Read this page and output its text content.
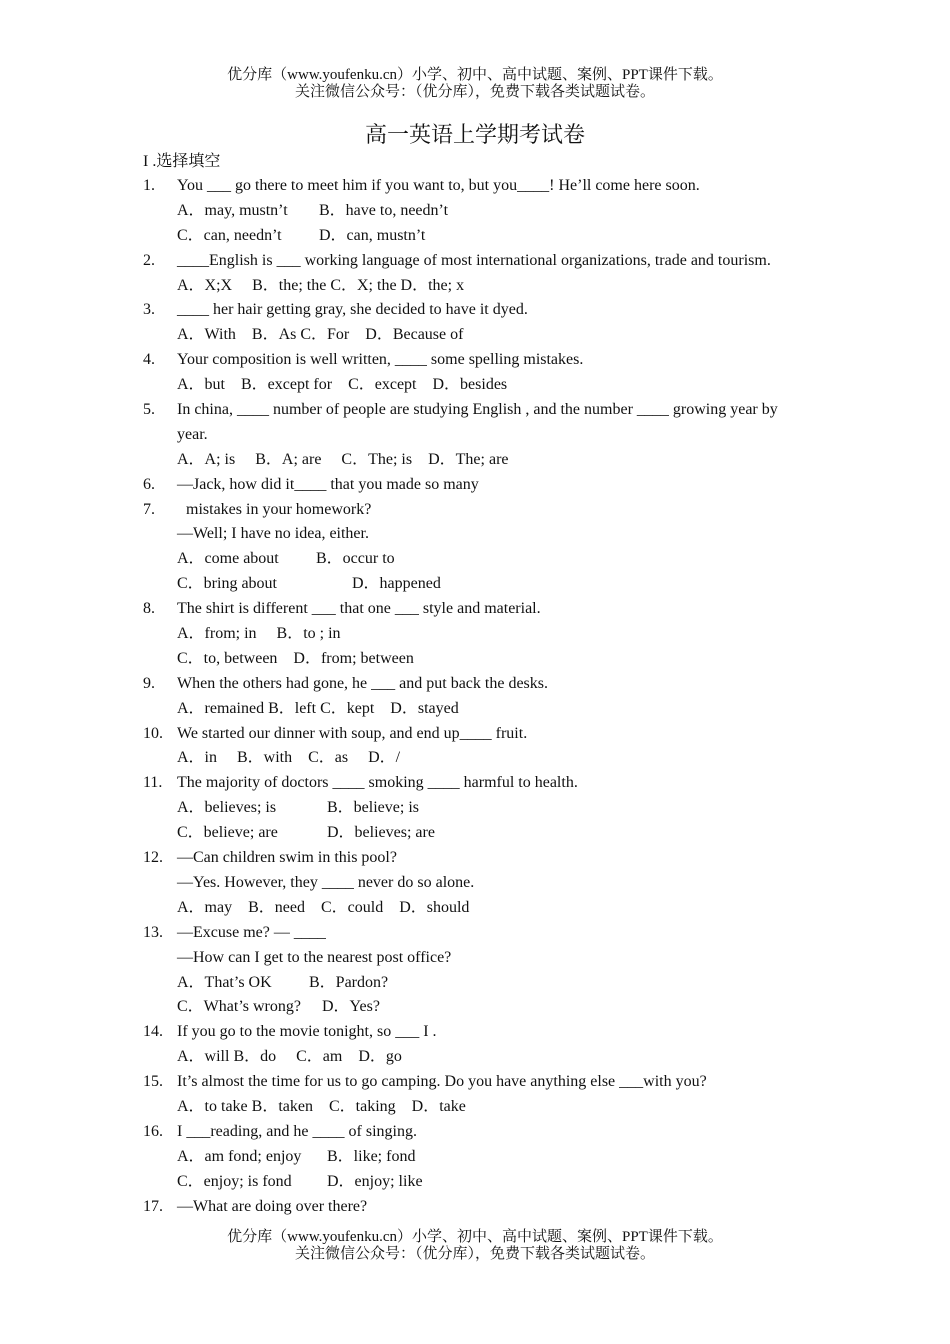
优分库（www.youfenku.cn）小学、初中、高中试题、案例、PPT课件下载。
关注微信公众号：（优分库），免费下载各类试题试卷。
高一英语上学期考试卷
I .选择填空
1. You ___ go there to meet him if you want to, but you____! He’ll come here soon.
A．may, mustn’t B．have to, needn’t
C．can, needn’t D．can, mustn’t
2. ____English is ___ working language of most international organizations, trade and tourism.
A．X;X　 B．the; the C．X; the D．the; x
3. ____ her hair getting gray, she decided to have it dyed.
A．With　B．As C．For　D．Because of
4. Your composition is well written, ____ some spelling mistakes.
A．but　B．except for　C．except　D．besides
5. In china, ____ number of people are studying English , and the number ____ growing year by
year.
A．A; is　 B．A; are　 C．The; is　D．The; are
6. —Jack, how did it____ that you made so many
7. mistakes in your homework?
—Well; I have no idea, either.
A．come about B．occur to
C．bring about	D．happened
8. The shirt is different ___ that one ___ style and material.
A．from; in　 B．to ; in
C．to, between　D．from; between
9. When the others had gone, he ___ and put back the desks.
A．remained B．left C．kept　D．stayed
10. We started our dinner with soup, and end up____ fruit.
A．in　 B．with　C．as　 D．/
11. The majority of doctors ____ smoking ____ harmful to health.
A．believes; is	B．believe; is
C．believe; are	D．believes; are
12. —Can children swim in this pool?
—Yes. However, they ____ never do so alone.
A．may　B．need　C．could　D．should
13. —Excuse me? — ____
—How can I get to the nearest post office?
A．That’s OK B．Pardon?
C．What’s wrong? D．Yes?
14. If you go to the movie tonight, so ___ I .
A．will B．do　 C．am　D．go
15. It’s almost the time for us to go camping. Do you have anything else ___with you?
A．to take B．taken　C．taking　D．take
16. I ___reading, and he ____ of singing.
A．am fond; enjoy B．like; fond
C．enjoy; is fond D．enjoy; like
17. —What are doing over there?
优分库（www.youfenku.cn）小学、初中、高中试题、案例、PPT课件下载。
关注微信公众号：（优分库），免费下载各类试题试卷。
